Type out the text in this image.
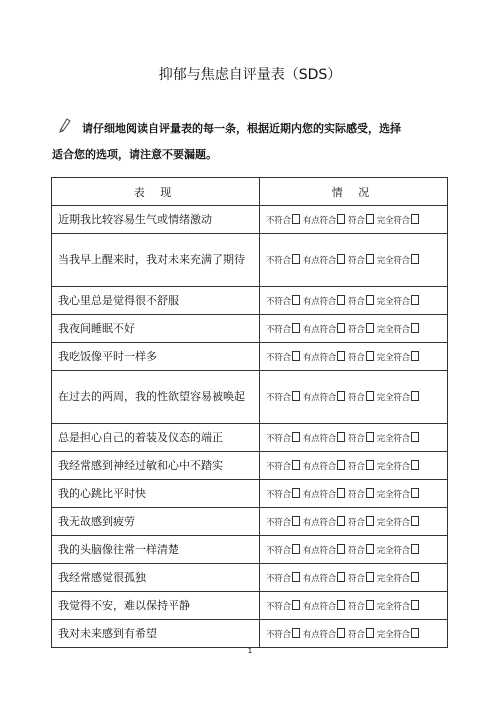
抑郁与焦虑自评量表（SDS）
请仔细地阅读自评量表的每一条，根据近期内您的实际感受，选择
适合您的选项，请注意不要漏题。
表 现	情 况
近期我比较容易生气或情绪激动	不符合 有点符合 符合 完全符合
当我早上醒来时，我对未来充满了期待	不符合 有点符合 符合 完全符合
我心里总是觉得很不舒服	不符合 有点符合 符合 完全符合
我夜间睡眠不好	不符合 有点符合 符合 完全符合
我吃饭像平时一样多	不符合 有点符合 符合 完全符合
在过去的两周，我的性欲望容易被唤起	不符合 有点符合 符合 完全符合
总是担心自己的着装及仪态的端正	不符合 有点符合 符合 完全符合
我经常感到神经过敏和心中不踏实	不符合 有点符合 符合 完全符合
我的心跳比平时快	不符合 有点符合 符合 完全符合
我无故感到疲劳	不符合 有点符合 符合 完全符合
我的头脑像往常一样清楚	不符合 有点符合 符合 完全符合
我经常感觉很孤独	不符合 有点符合 符合 完全符合
我觉得不安，难以保持平静	不符合 有点符合 符合 完全符合
我对未来感到有希望	不符合 有点符合 符合 完全符合
1
